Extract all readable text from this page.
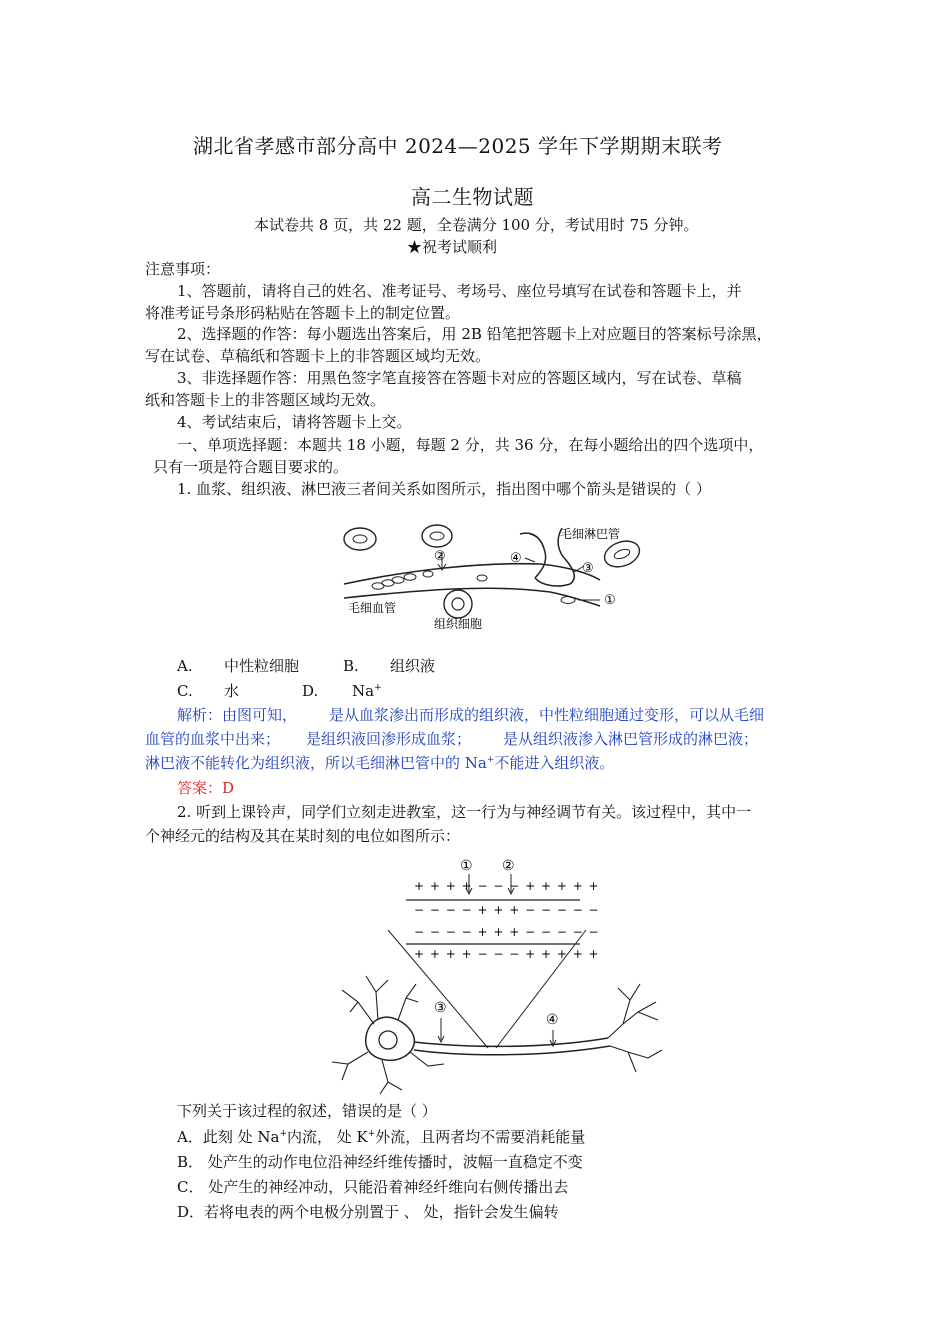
湖北省孝感市部分高中 2024—2025 学年下学期期末联考
高二生物试题
本试卷共 8 页，共 22 题，全卷满分 100 分，考试用时 75 分钟。
★祝考试顺利
注意事项：
1、答题前，请将自己的姓名、准考证号、考场号、座位号填写在试卷和答题卡上，并
将准考证号条形码粘贴在答题卡上的制定位置。
2、选择题的作答：每小题选出答案后，用 2B 铅笔把答题卡上对应题目的答案标号涂黑，
写在试卷、草稿纸和答题卡上的非答题区域均无效。
3、非选择题作答：用黑色签字笔直接答在答题卡对应的答题区域内，写在试卷、草稿
纸和答题卡上的非答题区域均无效。
4、考试结束后，请将答题卡上交。
一、单项选择题：本题共 18 小题，每题 2 分，共 36 分，在每小题给出的四个选项中，
只有一项是符合题目要求的。
1. 血浆、组织液、淋巴液三者间关系如图所示，指出图中哪个箭头是错误的（ ）
②	④
③
①
毛细淋巴管
毛细血管
组织细胞
A. 中性粒细胞	B. 组织液
C. 水	D. Na+
解析：由图可知， 是从血浆渗出而形成的组织液，中性粒细胞通过变形，可以从毛细
血管的血浆中出来； 是组织液回渗形成血浆； 是从组织液渗入淋巴管形成的淋巴液；
淋巴液不能转化为组织液，所以毛细淋巴管中的 Na+不能进入组织液。
答案：D
2. 听到上课铃声，同学们立刻走进教室，这一行为与神经调节有关。该过程中，其中一
个神经元的结构及其在某时刻的电位如图所示：
① ②
+ + + + − − − + + + + +
− − − − + + + − − − − −
− − − − + + + − − − − −
+ + + + − − − + + + + +
③
④
下列关于该过程的叙述，错误的是（ ）
A．此刻 处 Na+内流， 处 K+外流，且两者均不需要消耗能量
B． 处产生的动作电位沿神经纤维传播时，波幅一直稳定不变
C． 处产生的神经冲动，只能沿着神经纤维向右侧传播出去
D．若将电表的两个电极分别置于 、 处，指针会发生偏转
